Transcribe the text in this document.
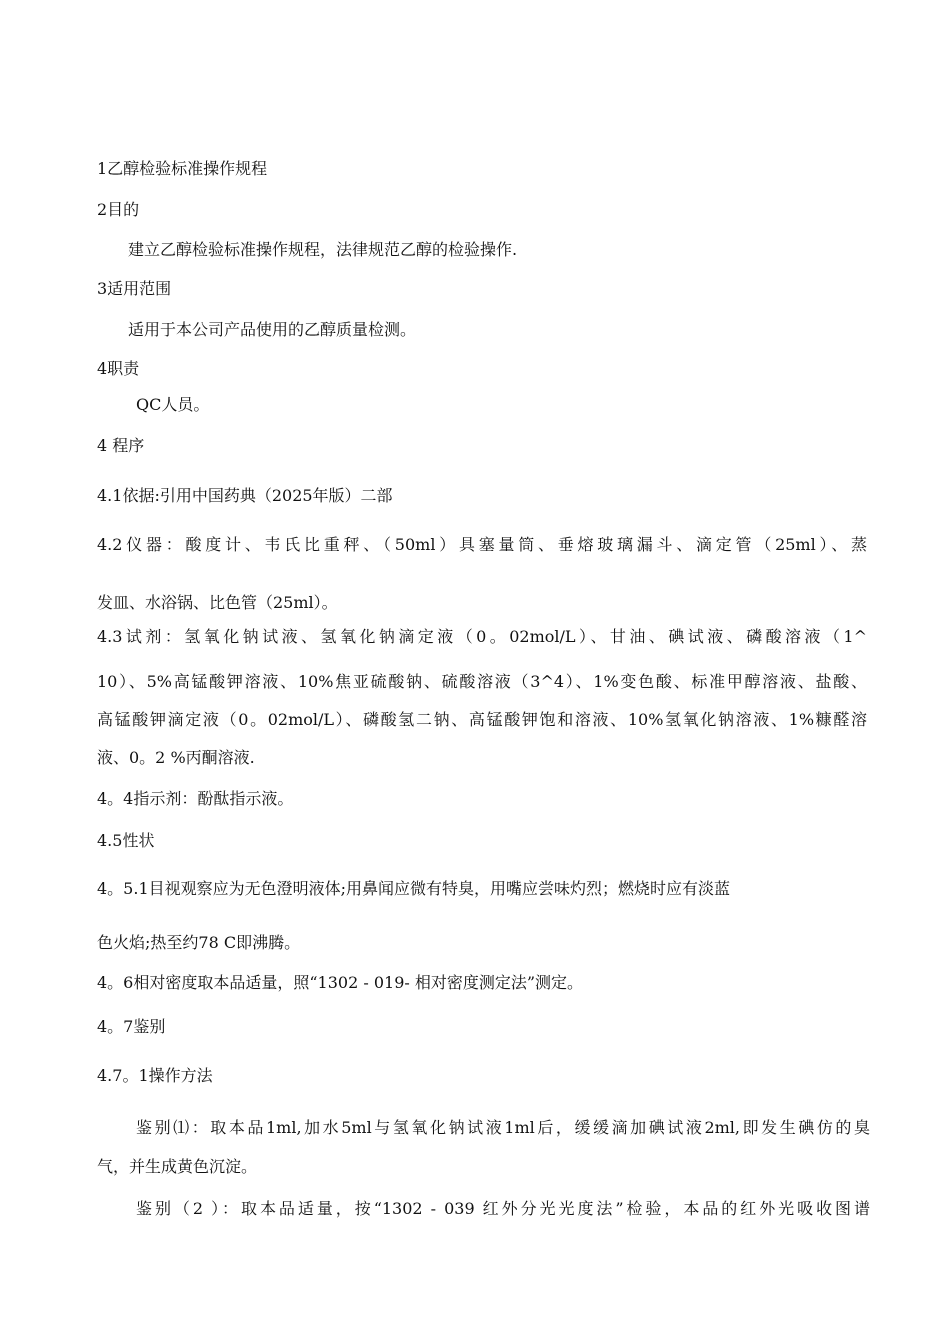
1乙醇检验标准操作规程
2目的
建立乙醇检验标准操作规程，法律规范乙醇的检验操作.
3适用范围
适用于本公司产品使用的乙醇质量检测。
4职责
QC人员。
4 程序
4.1依据:引用中国药典（2025年版）二部
4.2仪器：酸度计、韦氏比重秤、（50ml）具塞量筒、垂熔玻璃漏斗、滴定管（25ml）、蒸
发皿、水浴锅、比色管（25ml）。
4.3试剂：氢氧化钠试液、氢氧化钠滴定液（0。02mol/L）、甘油、碘试液、磷酸溶液（1^
10）、5%高锰酸钾溶液、10%焦亚硫酸钠、硫酸溶液（3^4）、1%变色酸、标准甲醇溶液、盐酸、
高锰酸钾滴定液（0。02mol/L）、磷酸氢二钠、高锰酸钾饱和溶液、10%氢氧化钠溶液、1%糠醛溶
液、0。2 %丙酮溶液.
4。4指示剂：酚酞指示液。
4.5性状
4。5.1目视观察应为无色澄明液体;用鼻闻应微有特臭，用嘴应尝味灼烈；燃烧时应有淡蓝
色火焰;热至约78 C即沸腾。
4。6相对密度取本品适量，照“1302 - 019- 相对密度测定法”测定。
4。7鉴别
4.7。1操作方法
鉴别⑴：取本品1ml,加水5ml与氢氧化钠试液1ml后，缓缓滴加碘试液2ml,即发生碘仿的臭
气，并生成黄色沉淀。
鉴别（2 ）：取本品适量，按“1302 - 039 红外分光光度法”检验，本品的红外光吸收图谱
